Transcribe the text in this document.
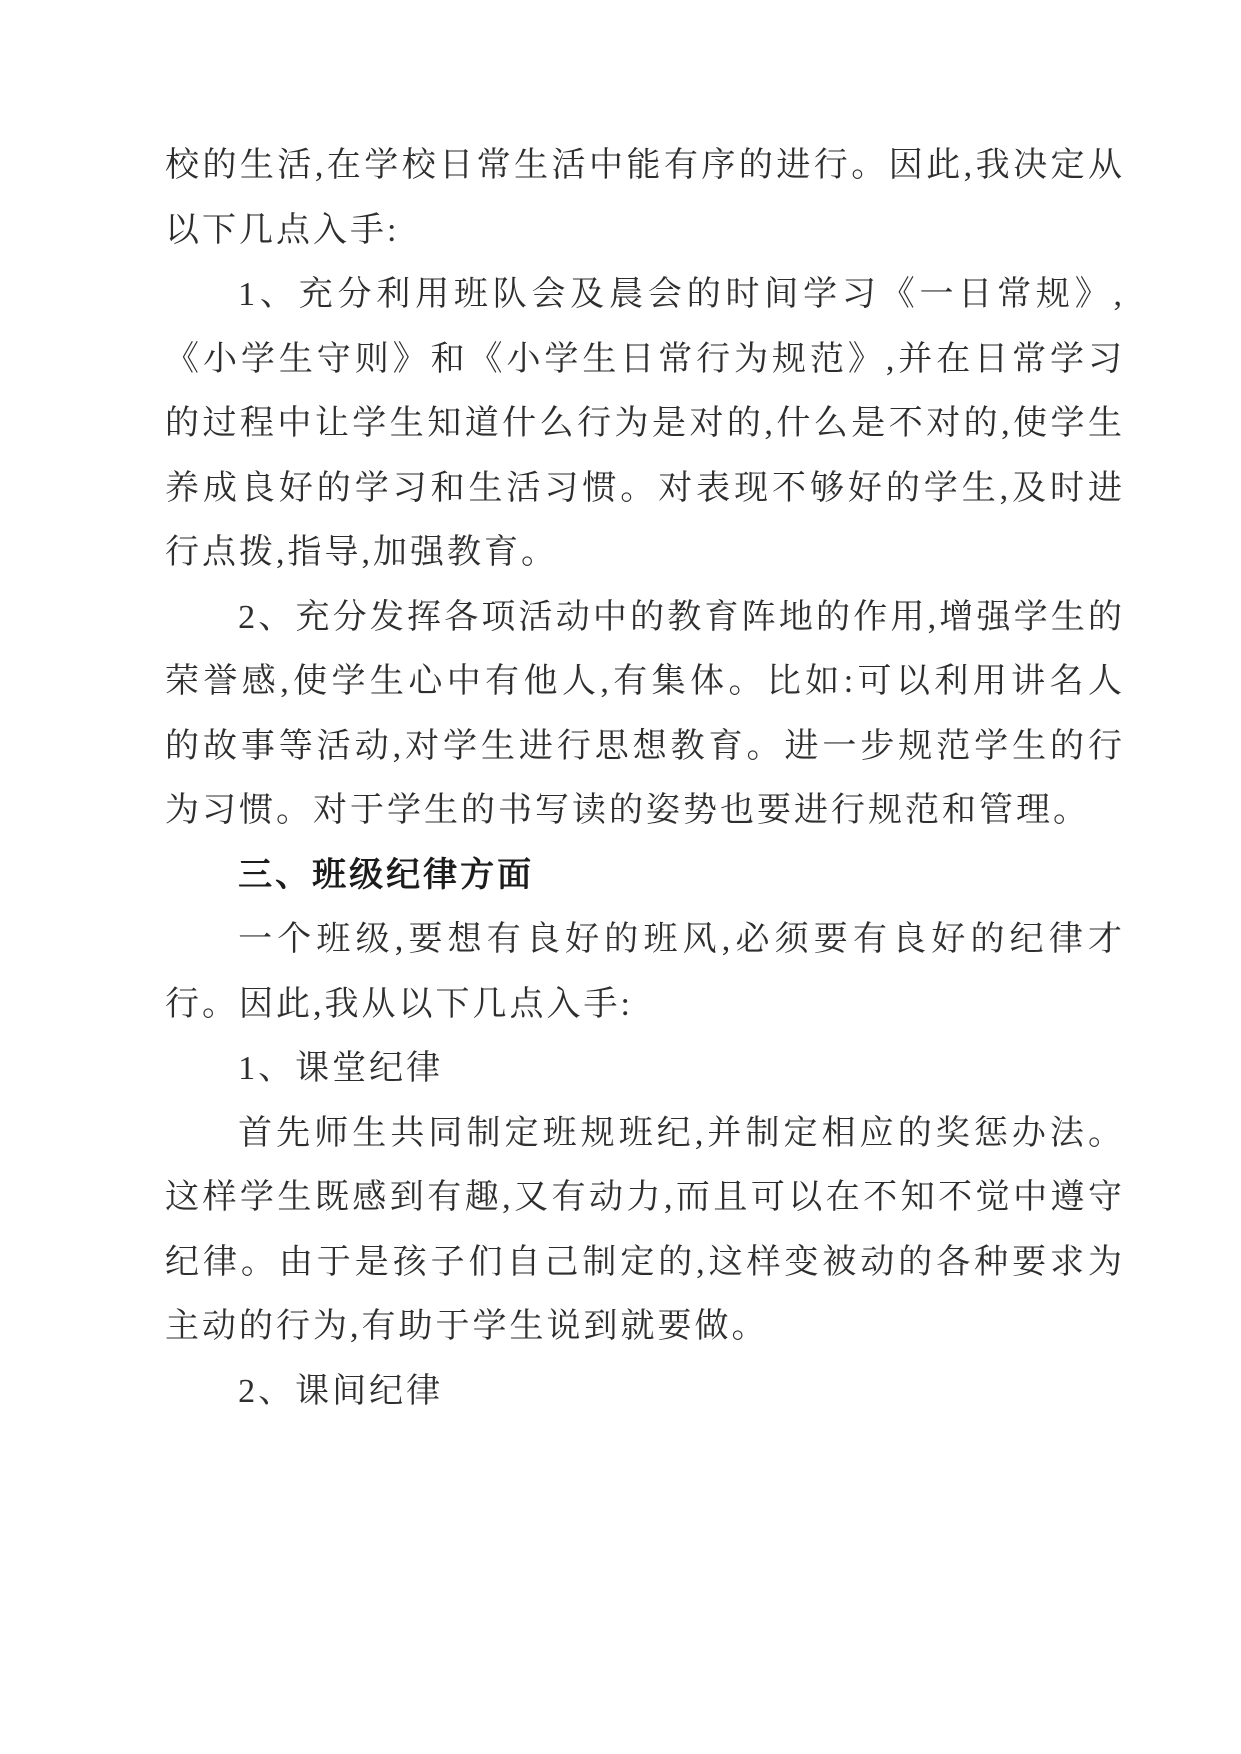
校的生活,在学校日常生活中能有序的进行。因此,我决定从以下几点入手:

1、充分利用班队会及晨会的时间学习《一日常规》,《小学生守则》和《小学生日常行为规范》,并在日常学习的过程中让学生知道什么行为是对的,什么是不对的,使学生养成良好的学习和生活习惯。对表现不够好的学生,及时进行点拨,指导,加强教育。

2、充分发挥各项活动中的教育阵地的作用,增强学生的荣誉感,使学生心中有他人,有集体。比如:可以利用讲名人的故事等活动,对学生进行思想教育。进一步规范学生的行为习惯。对于学生的书写读的姿势也要进行规范和管理。

三、班级纪律方面

一个班级,要想有良好的班风,必须要有良好的纪律才行。因此,我从以下几点入手:

1、课堂纪律

首先师生共同制定班规班纪,并制定相应的奖惩办法。这样学生既感到有趣,又有动力,而且可以在不知不觉中遵守纪律。由于是孩子们自己制定的,这样变被动的各种要求为主动的行为,有助于学生说到就要做。

2、课间纪律
